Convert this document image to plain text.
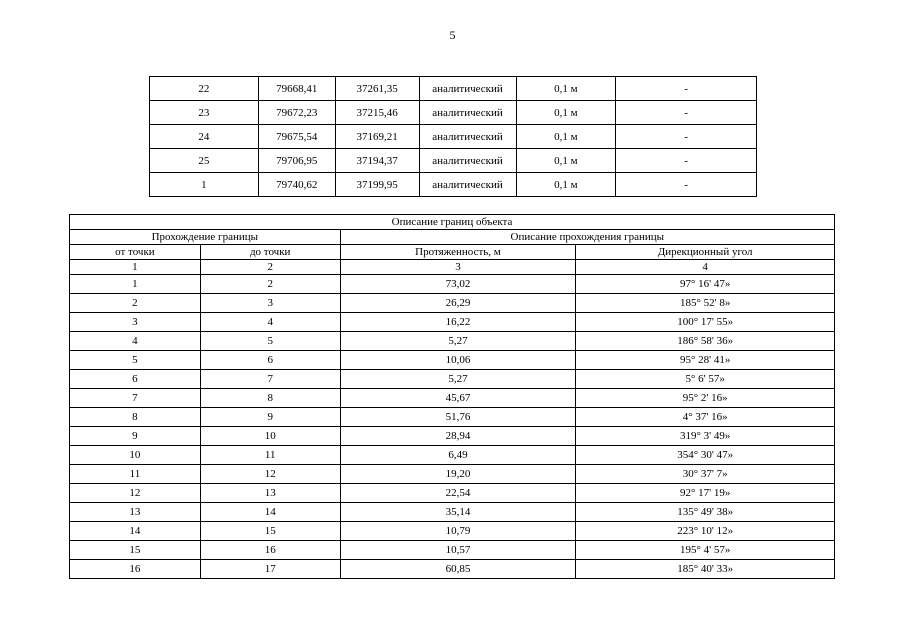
5
22	79668,41	37261,35	аналитический	0,1 м	-
23	79672,23	37215,46	аналитический	0,1 м	-
24	79675,54	37169,21	аналитический	0,1 м	-
25	79706,95	37194,37	аналитический	0,1 м	-
1	79740,62	37199,95	аналитический	0,1 м	-
Описание границ объекта			
Прохождение границы		Описание прохождения границы	
от точки	до точки	Протяженность, м	Дирекционный угол
1	2	3	4
1	2	73,02	97° 16' 47»
2	3	26,29	185° 52' 8»
3	4	16,22	100° 17' 55»
4	5	5,27	186° 58' 36»
5	6	10,06	95° 28' 41»
6	7	5,27	5° 6' 57»
7	8	45,67	95° 2' 16»
8	9	51,76	4° 37' 16»
9	10	28,94	319° 3' 49»
10	11	6,49	354° 30' 47»
11	12	19,20	30° 37' 7»
12	13	22,54	92° 17' 19»
13	14	35,14	135° 49' 38»
14	15	10,79	223° 10' 12»
15	16	10,57	195° 4' 57»
16	17	60,85	185° 40' 33»
